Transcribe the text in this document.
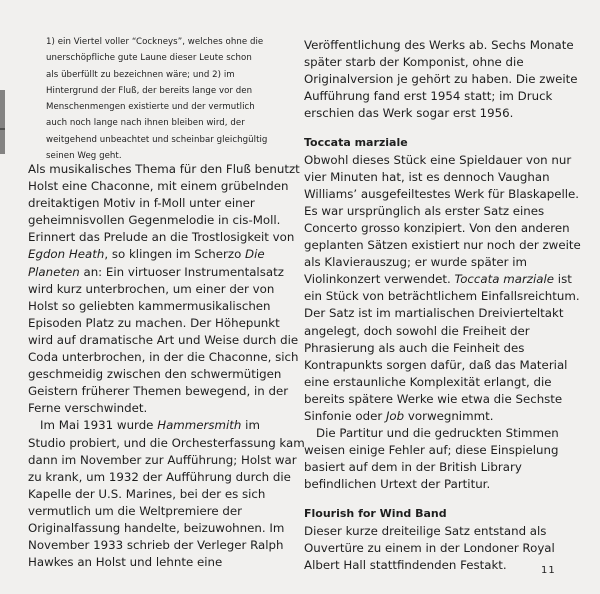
1) ein Viertel voller “Cockneys”, welches ohne die
unerschöpfliche gute Laune dieser Leute schon
als überfüllt zu bezeichnen wäre; und 2) im
Hintergrund der Fluß, der bereits lange vor den
Menschenmengen existierte und der vermutlich
auch noch lange nach ihnen bleiben wird, der
weitgehend unbeachtet und scheinbar gleichgültig
seinen Weg geht.

Als musikalisches Thema für den Fluß benutzt
Holst eine Chaconne, mit einem grübelnden
dreitaktigen Motiv in f-Moll unter einer
geheimnisvollen Gegenmelodie in cis-Moll.
Erinnert das Prelude an die Trostlosigkeit von
Egdon Heath, so klingen im Scherzo Die
Planeten an: Ein virtuoser Instrumentalsatz
wird kurz unterbrochen, um einer der von
Holst so geliebten kammermusikalischen
Episoden Platz zu machen. Der Höhepunkt
wird auf dramatische Art und Weise durch die
Coda unterbrochen, in der die Chaconne, sich
geschmeidig zwischen den schwermütigen
Geistern früherer Themen bewegend, in der
Ferne verschwindet.
Im Mai 1931 wurde Hammersmith im
Studio probiert, und die Orchesterfassung kam
dann im November zur Aufführung; Holst war
zu krank, um 1932 der Aufführung durch die
Kapelle der U.S. Marines, bei der es sich
vermutlich um die Weltpremiere der
Originalfassung handelte, beizuwohnen. Im
November 1933 schrieb der Verleger Ralph
Hawkes an Holst und lehnte eine

Veröffentlichung des Werks ab. Sechs Monate
später starb der Komponist, ohne die
Originalversion je gehört zu haben. Die zweite
Aufführung fand erst 1954 statt; im Druck
erschien das Werk sogar erst 1956.
Toccata marziale
Obwohl dieses Stück eine Spieldauer von nur
vier Minuten hat, ist es dennoch Vaughan
Williams’ ausgefeiltestes Werk für Blaskapelle.
Es war ursprünglich als erster Satz eines
Concerto grosso konzipiert. Von den anderen
geplanten Sätzen existiert nur noch der zweite
als Klavierauszug; er wurde später im
Violinkonzert verwendet. Toccata marziale ist
ein Stück von beträchtlichem Einfallsreichtum.
Der Satz ist im martialischen Dreivierteltakt
angelegt, doch sowohl die Freiheit der
Phrasierung als auch die Feinheit des
Kontrapunkts sorgen dafür, daß das Material
eine erstaunliche Komplexität erlangt, die
bereits spätere Werke wie etwa die Sechste
Sinfonie oder Job vorwegnimmt.
Die Partitur und die gedruckten Stimmen
weisen einige Fehler auf; diese Einspielung
basiert auf dem in der British Library
befindlichen Urtext der Partitur.
Flourish for Wind Band
Dieser kurze dreiteilige Satz entstand als
Ouvertüre zu einem in der Londoner Royal
Albert Hall stattfindenden Festakt.	11
